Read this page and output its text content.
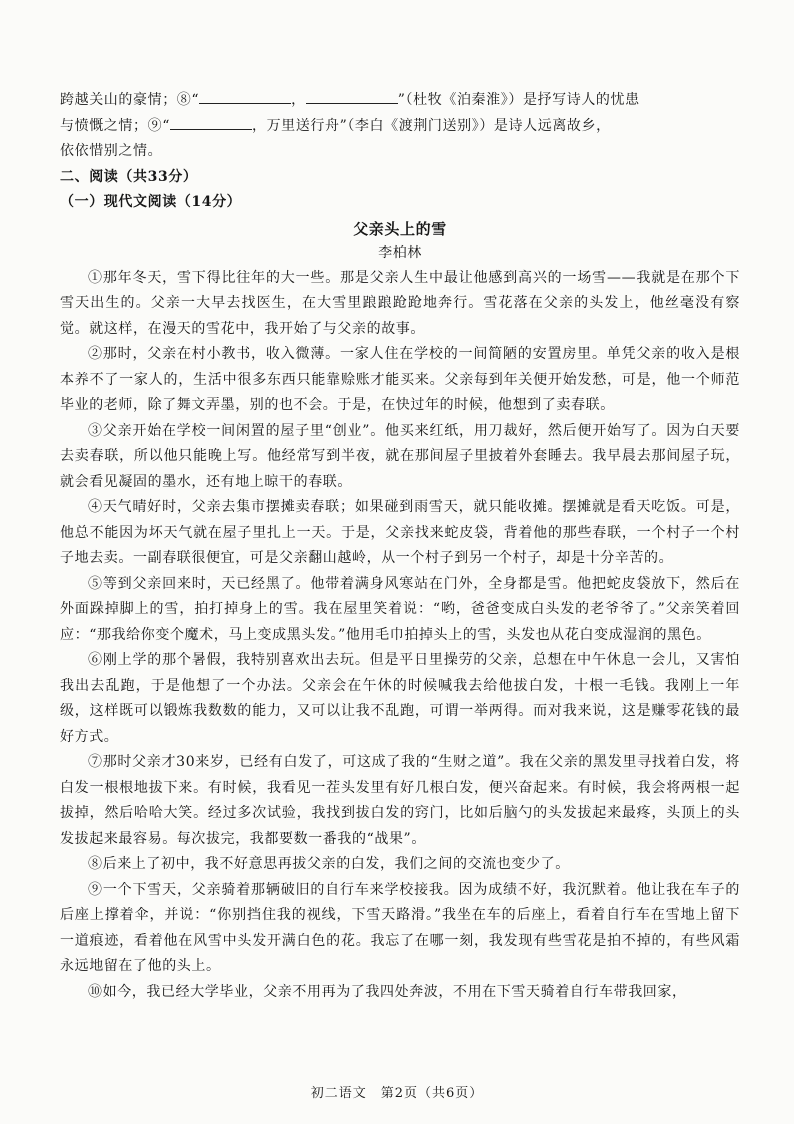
跨越关山的豪情；⑧“	，	”（杜牧《泊秦淮》）是抒写诗人的忧患

与愤慨之情；⑨“	，万里送行舟”（李白《渡荆门送别》）是诗人远离故乡，

依依惜别之情。

二、阅读（共33分）

（一）现代文阅读（14分）

父亲头上的雪

李柏林

①那年冬天，雪下得比往年的大一些。那是父亲人生中最让他感到高兴的一场雪——我就是在那个下雪天出生的。父亲一大早去找医生，在大雪里踉踉跄跄地奔行。雪花落在父亲的头发上，他丝毫没有察觉。就这样，在漫天的雪花中，我开始了与父亲的故事。

②那时，父亲在村小教书，收入微薄。一家人住在学校的一间简陋的安置房里。单凭父亲的收入是根本养不了一家人的，生活中很多东西只能靠赊账才能买来。父亲每到年关便开始发愁，可是，他一个师范毕业的老师，除了舞文弄墨，别的也不会。于是，在快过年的时候，他想到了卖春联。

③父亲开始在学校一间闲置的屋子里“创业”。他买来红纸，用刀裁好，然后便开始写了。因为白天要去卖春联，所以他只能晚上写。他经常写到半夜，就在那间屋子里披着外套睡去。我早晨去那间屋子玩，就会看见凝固的墨水，还有地上晾干的春联。

④天气晴好时，父亲去集市摆摊卖春联；如果碰到雨雪天，就只能收摊。摆摊就是看天吃饭。可是，他总不能因为坏天气就在屋子里扎上一天。于是，父亲找来蛇皮袋，背着他的那些春联，一个村子一个村子地去卖。一副春联很便宜，可是父亲翻山越岭，从一个村子到另一个村子，却是十分辛苦的。

⑤等到父亲回来时，天已经黑了。他带着满身风寒站在门外，全身都是雪。他把蛇皮袋放下，然后在外面跺掉脚上的雪，拍打掉身上的雪。我在屋里笑着说：“哟，爸爸变成白头发的老爷爷了。”父亲笑着回应：“那我给你变个魔术，马上变成黑头发。”他用毛巾拍掉头上的雪，头发也从花白变成湿润的黑色。

⑥刚上学的那个暑假，我特别喜欢出去玩。但是平日里操劳的父亲，总想在中午休息一会儿，又害怕我出去乱跑，于是他想了一个办法。父亲会在午休的时候喊我去给他拔白发，十根一毛钱。我刚上一年级，这样既可以锻炼我数数的能力，又可以让我不乱跑，可谓一举两得。而对我来说，这是赚零花钱的最好方式。

⑦那时父亲才30来岁，已经有白发了，可这成了我的“生财之道”。我在父亲的黑发里寻找着白发，将白发一根根地拔下来。有时候，我看见一茬头发里有好几根白发，便兴奋起来。有时候，我会将两根一起拔掉，然后哈哈大笑。经过多次试验，我找到拔白发的窍门，比如后脑勺的头发拔起来最疼，头顶上的头发拔起来最容易。每次拔完，我都要数一番我的“战果”。

⑧后来上了初中，我不好意思再拔父亲的白发，我们之间的交流也变少了。

⑨一个下雪天，父亲骑着那辆破旧的自行车来学校接我。因为成绩不好，我沉默着。他让我在车子的后座上撑着伞，并说：“你别挡住我的视线，下雪天路滑。”我坐在车的后座上，看着自行车在雪地上留下一道痕迹，看着他在风雪中头发开满白色的花。我忘了在哪一刻，我发现有些雪花是拍不掉的，有些风霜永远地留在了他的头上。

⑩如今，我已经大学毕业，父亲不用再为了我四处奔波，不用在下雪天骑着自行车带我回家，

初二语文　第2页（共6页）
